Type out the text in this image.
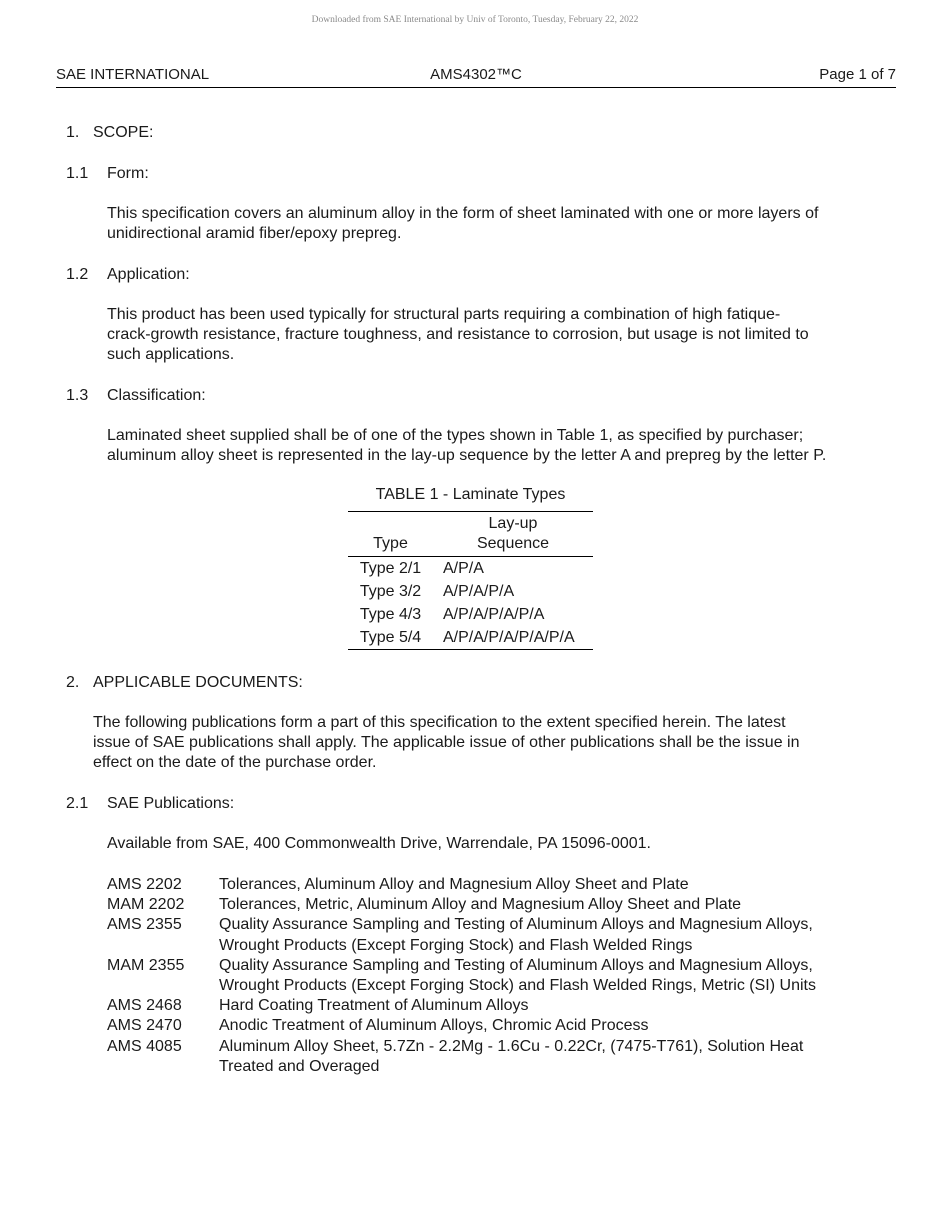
Downloaded from SAE International by Univ of Toronto, Tuesday, February 22, 2022
SAE INTERNATIONAL	AMS4302™C	Page 1 of 7
1. SCOPE:
1.1 Form:
This specification covers an aluminum alloy in the form of sheet laminated with one or more layers of
unidirectional aramid fiber/epoxy prepreg.
1.2 Application:
This product has been used typically for structural parts requiring a combination of high fatique-
crack-growth resistance, fracture toughness, and resistance to corrosion, but usage is not limited to
such applications.
1.3 Classification:
Laminated sheet supplied shall be of one of the types shown in Table 1, as specified by purchaser;
aluminum alloy sheet is represented in the lay-up sequence by the letter A and prepreg by the letter P.
TABLE 1 - Laminate Types
Type	Lay-up
Sequence

Type 2/1	A/P/A
Type 3/2	A/P/A/P/A
Type 4/3	A/P/A/P/A/P/A
Type 5/4	A/P/A/P/A/P/A/P/A
2. APPLICABLE DOCUMENTS:
The following publications form a part of this specification to the extent specified herein. The latest
issue of SAE publications shall apply. The applicable issue of other publications shall be the issue in
effect on the date of the purchase order.
2.1 SAE Publications:
Available from SAE, 400 Commonwealth Drive, Warrendale, PA 15096-0001.
AMS 2202	Tolerances, Aluminum Alloy and Magnesium Alloy Sheet and Plate
MAM 2202	Tolerances, Metric, Aluminum Alloy and Magnesium Alloy Sheet and Plate
AMS 2355	Quality Assurance Sampling and Testing of Aluminum Alloys and Magnesium Alloys,
Wrought Products (Except Forging Stock) and Flash Welded Rings
MAM 2355	Quality Assurance Sampling and Testing of Aluminum Alloys and Magnesium Alloys,
Wrought Products (Except Forging Stock) and Flash Welded Rings, Metric (SI) Units
AMS 2468	Hard Coating Treatment of Aluminum Alloys
AMS 2470	Anodic Treatment of Aluminum Alloys, Chromic Acid Process
AMS 4085	Aluminum Alloy Sheet, 5.7Zn - 2.2Mg - 1.6Cu - 0.22Cr, (7475-T761), Solution Heat
Treated and Overaged
